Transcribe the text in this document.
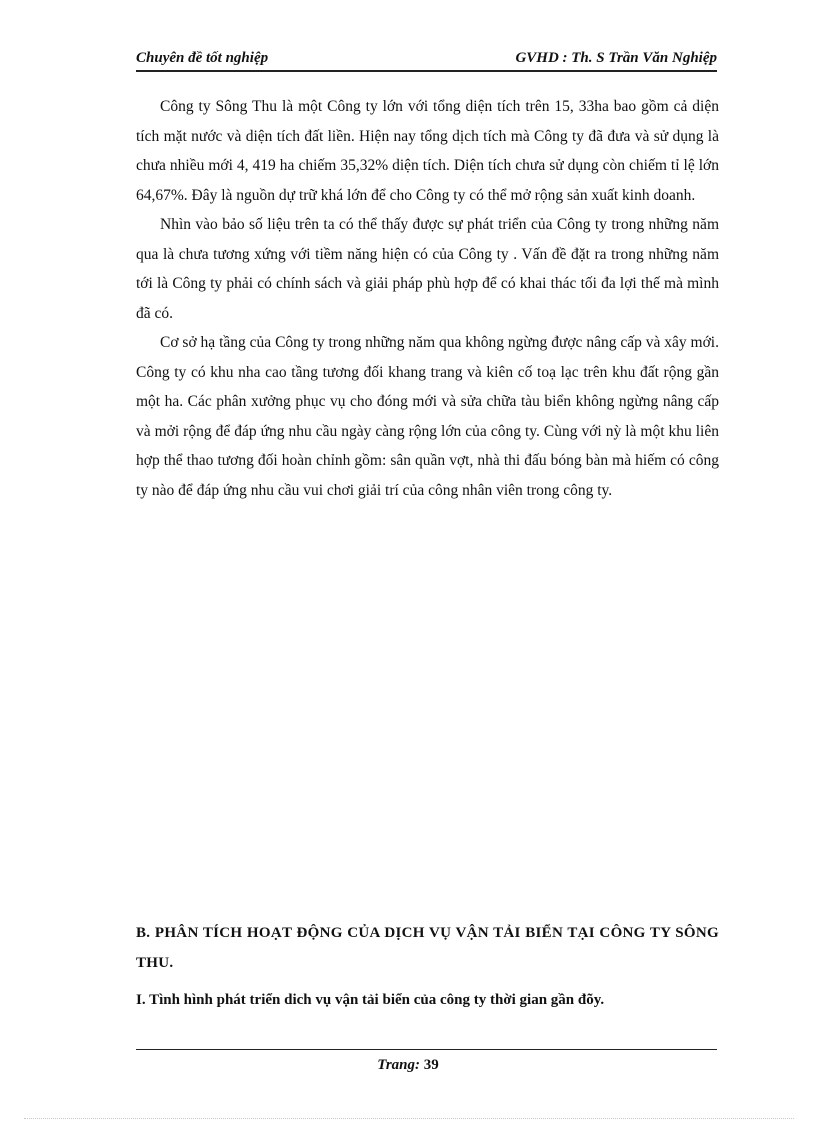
Chuyên đề tốt nghiệp	GVHD : Th. S Trần Văn Nghiệp

Công ty Sông Thu là một Công ty lớn với tổng diện tích trên 15, 33ha bao gồm cả diện tích mặt nước và diện tích đất liền. Hiện nay tổng dịch tích mà Công ty đã đưa và sử dụng là chưa nhiều mới 4, 419 ha chiếm 35,32% diện tích. Diện tích chưa sử dụng còn chiếm tỉ lệ lớn 64,67%. Đây là nguồn dự trữ khá lớn để cho Công ty có thể mở rộng sản xuất kinh doanh.

Nhìn vào bảo số liệu trên ta có thể thấy được sự phát triển của Công ty trong những năm qua là chưa tương xứng với tiềm năng hiện có của Công ty . Vấn đề đặt ra trong những năm tới là Công ty phải có chính sách và giải pháp phù hợp để có khai thác tối đa lợi thế mà mình đã có.

Cơ sở hạ tầng của Công ty trong những năm qua không ngừng được nâng cấp và xây mới. Công ty có khu nha cao tầng tương đối khang trang và kiên cố toạ lạc trên khu đất rộng gần một ha. Các phân xưởng phục vụ cho đóng mới và sửa chữa tàu biển không ngừng nâng cấp và mởi rộng để đáp ứng nhu cầu ngày càng rộng lớn của công ty. Cùng với nỳ là một khu liên hợp thể thao tương đối hoàn chỉnh gồm: sân quần vợt, nhà thi đấu bóng bàn mà hiếm có công ty nào để đáp ứng nhu cầu vui chơi giải trí của công nhân viên trong công ty.

B. PHÂN TÍCH HOẠT ĐỘNG CỦA DỊCH VỤ VẬN TẢI BIỂN TẠI CÔNG TY SÔNG THU.
I. Tình hình phát triển dich vụ vận tải biển của công ty thời gian gần đõy.
Trang: 39
